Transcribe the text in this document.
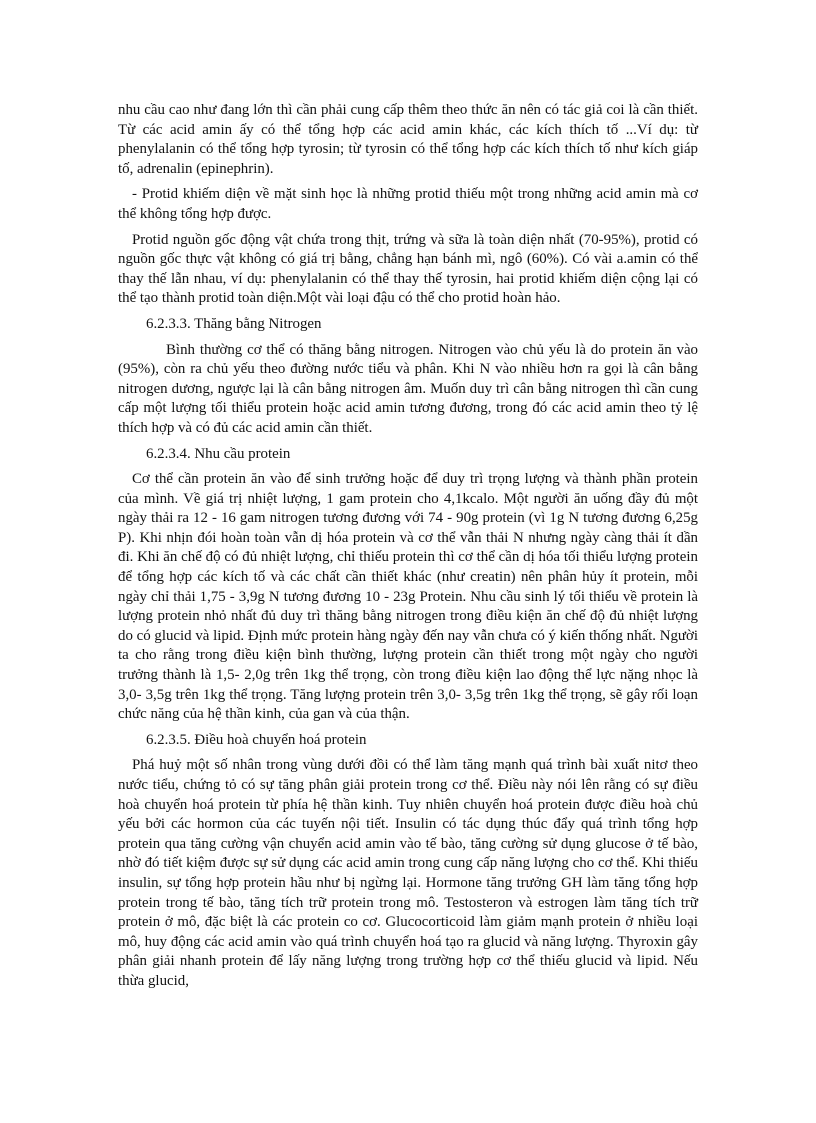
nhu cầu cao như đang lớn thì cần phải cung cấp thêm theo thức ăn nên có tác giả coi là cần thiết. Từ các acid amin ấy có thể tổng hợp các acid amin khác, các kích thích tố ...Ví dụ: từ phenylalanin có thể tổng hợp tyrosin; từ tyrosin có thể tổng hợp các kích thích tố như kích giáp tố, adrenalin (epinephrin).

- Protid khiếm diện về mặt sinh học là những protid thiếu một trong những acid amin mà cơ thể không tổng hợp được.

Protid nguồn gốc động vật chứa trong thịt, trứng và sữa là toàn diện nhất (70-95%), protid có nguồn gốc thực vật không có giá trị bằng, chẳng hạn bánh mì, ngô (60%). Có vài a.amin có thể thay thế lẫn nhau, ví dụ: phenylalanin có thể thay thế tyrosin, hai protid khiếm diện cộng lại có thể tạo thành protid toàn diện.Một vài loại đậu có thể cho protid hoàn hảo.

6.2.3.3. Thăng bằng Nitrogen

Bình thường cơ thể có thăng bằng nitrogen. Nitrogen vào chủ yếu là do protein ăn vào (95%), còn ra chủ yếu theo đường nước tiểu và phân. Khi N vào nhiều hơn ra gọi là cân bằng nitrogen dương, ngược lại là cân bằng nitrogen âm. Muốn duy trì cân bằng nitrogen thì cần cung cấp một lượng tối thiểu protein hoặc acid amin tương đương, trong đó các acid amin theo tỷ lệ thích hợp và có đủ các acid amin cần thiết.

6.2.3.4. Nhu cầu protein

Cơ thể cần protein ăn vào để sinh trưởng hoặc để duy trì trọng lượng và thành phần protein của mình. Về giá trị nhiệt lượng, 1 gam protein cho 4,1kcalo. Một người ăn uống đầy đủ một ngày thải ra 12 - 16 gam nitrogen tương đương với 74 - 90g protein (vì 1g N tương đương 6,25g P). Khi nhịn đói hoàn toàn vẫn dị hóa protein và cơ thể vẫn thải N nhưng ngày càng thải ít dần đi. Khi ăn chế độ có đủ nhiệt lượng, chỉ thiếu protein thì cơ thể cần dị hóa tối thiểu lượng protein để tổng hợp các kích tố và các chất cần thiết khác (như creatin) nên phân hủy ít protein, mỗi ngày chỉ thải 1,75 - 3,9g N tương đương 10 - 23g Protein. Nhu cầu sinh lý tối thiểu về protein là lượng protein nhỏ nhất đủ duy trì thăng bằng nitrogen trong điều kiện ăn chế độ đủ nhiệt lượng do có glucid và lipid. Định mức protein hàng ngày đến nay vẫn chưa có ý kiến thống nhất. Người ta cho rằng trong điều kiện bình thường, lượng protein cần thiết trong một ngày cho người trưởng thành là 1,5- 2,0g trên 1kg thể trọng, còn trong điều kiện lao động thể lực nặng nhọc là 3,0- 3,5g trên 1kg thể trọng. Tăng lượng protein trên 3,0- 3,5g trên 1kg thể trọng, sẽ gây rối loạn chức năng của hệ thần kinh, của gan và của thận.

6.2.3.5. Điều hoà chuyển hoá protein

Phá huỷ một số nhân trong vùng dưới đồi có thể làm tăng mạnh quá trình bài xuất nitơ theo nước tiểu, chứng tỏ có sự tăng phân giải protein trong cơ thể. Điều này nói lên rằng có sự điều hoà chuyển hoá protein từ phía hệ thần kinh. Tuy nhiên chuyển hoá protein được điều hoà chủ yếu bởi các hormon của các tuyến nội tiết. Insulin có tác dụng thúc đẩy quá trình tổng hợp protein qua tăng cường vận chuyển acid amin vào tế bào, tăng cường sử dụng glucose ở tế bào, nhờ đó tiết kiệm được sự sử dụng các acid amin trong cung cấp năng lượng cho cơ thể. Khi thiếu insulin, sự tổng hợp protein hầu như bị ngừng lại. Hormone tăng trưởng GH làm tăng tổng hợp protein trong tế bào, tăng tích trữ protein trong mô. Testosteron và estrogen làm tăng tích trữ protein ở mô, đặc biệt là các protein co cơ. Glucocorticoid làm giảm mạnh protein ở nhiều loại mô, huy động các acid amin vào quá trình chuyển hoá tạo ra glucid và năng lượng. Thyroxin gây phân giải nhanh protein để lấy năng lượng trong trường hợp cơ thể thiếu glucid và lipid. Nếu thừa glucid,
